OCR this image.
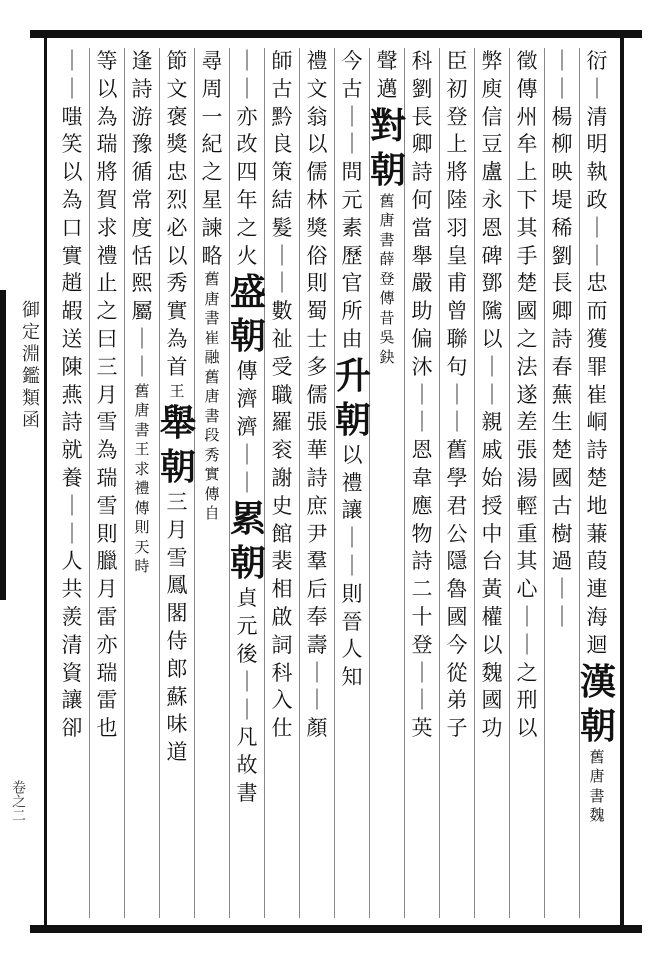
御定淵鑑類函
卷之二
衍
｜
清
明
執
政
｜
｜
忠
而
獲
罪
崔
峒
詩
楚
地
蒹
葭
連
海
迴
漢
朝
舊
唐
書
魏
｜
｜
楊
柳
映
堤
稀
劉
長
卿
詩
春
蕪
生
楚
國
古
樹
過
｜
｜
徵
傳
州
牟
上
下
其
手
楚
國
之
法
遂
差
張
湯
輕
重
其
心
｜
｜
之
刑
以
弊
庾
信
豆
盧
永
恩
碑
鄧
隲
以
｜
｜
親
戚
始
授
中
台
黃
權
以
魏
國
功
臣
初
登
上
將
陸
羽
皇
甫
曾
聯
句
｜
｜
舊
學
君
公
隱
魯
國
今
從
弟
子
科
劉
長
卿
詩
何
當
舉
嚴
助
偏
沐
｜
｜
恩
韋
應
物
詩
二
十
登
｜
｜
英
聲
邁
對
朝
舊
唐
書
薛
登
傳
昔
吳
鈌
今
古
｜
｜
問
元
素
歷
官
所
由
升
朝
以
禮
讓
｜
｜
則
晉
人
知
禮
文
翁
以
儒
林
獎
俗
則
蜀
士
多
儒
張
華
詩
庶
尹
羣
后
奉
壽
｜
｜
顏
師
古
黔
良
策
結
髮
｜
｜
數
祉
受
職
羅
衮
謝
史
館
裴
相
啟
詞
科
入
仕
｜
｜
亦
改
四
年
之
火
盛
朝
傳
濟
濟
｜
｜
累
朝
貞
元
後
｜
｜
凡
故
書
尋
周
一
紀
之
星
諫
略
舊
唐
書
崔
融
舊
唐
書
段
秀
實
傳
自
節
文
褒
獎
忠
烈
必
以
秀
實
為
首
王
舉
朝
三
月
雪
鳳
閣
侍
郎
蘇
味
道
逢
詩
游
豫
循
常
度
恬
熙
屬
｜
｜
舊
唐
書
王
求
禮
傳
則
天
時
等
以
為
瑞
將
賀
求
禮
止
之
曰
三
月
雪
為
瑞
雪
則
臘
月
雷
亦
瑞
雷
也
｜
｜
嗤
笑
以
為
口
實
趙
嘏
送
陳
燕
詩
就
養
｜
｜
人
共
羨
清
資
讓
卻
